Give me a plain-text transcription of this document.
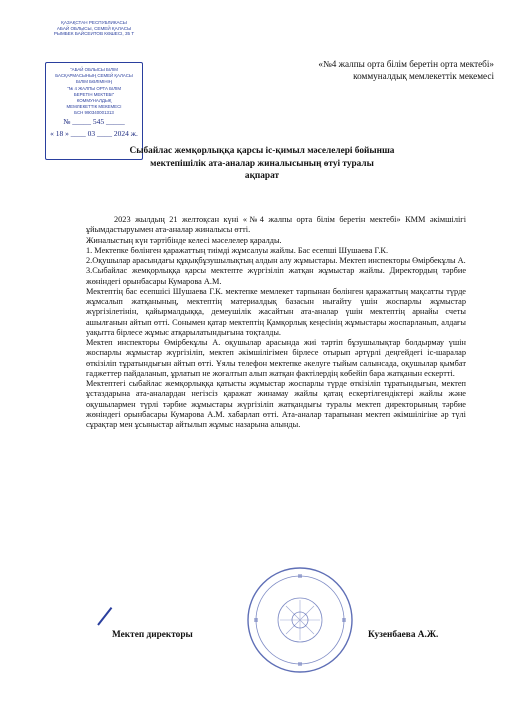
ҚАЗАҚСТАН РЕСПУБЛИКАСЫ
АБАЙ ОБЛЫСЫ, СЕМЕЙ ҚАЛАСЫ
РЫМБЕК БАЙСЕИТОВ КӨШЕСІ, 35 Т
"АБАЙ ОБЛЫСЫ БІЛІМ
БАСҚАРМАСЫНЫҢ СЕМЕЙ ҚАЛАСЫ
БІЛІМ БӨЛІМІНІҢ
"№ 4 ЖАЛПЫ ОРТА БІЛІМ
БЕРЕТІН МЕКТЕБІ"
КОММУНАЛДЫҚ
МЕМЛЕКЕТТІК МЕКЕМЕСІ
БСН 990340001313
№ _____ 545 _____
« 18 » ____ 03 ____ 2024 ж.
«№4 жалпы орта білім беретін орта мектебі»
коммуналдық мемлекеттік мекемесі
Сыбайлас жемқорлыққа қарсы іс-қимыл мәселелері бойынша
мектепішілік ата-аналар жиналысының өтуі туралы
ақпарат

2023 жылдың 21 желтоқсан күні «№4 жалпы орта білім беретін мектебі» КММ әкімшілігі ұйымдастыруымен ата-аналар жиналысы өтті.

Жиналыстың күн тәртібінде келесі мәселелер қаралды.

1. Мектепке бөлінген қаражаттың тиімді жұмсалуы жайлы. Бас есепші Шушаева Г.К.

2.Оқушылар арасындағы құқықбұзушылықтың алдын алу жұмыстары. Мектеп инспекторы Өмірбекұлы А.

3.Сыбайлас жемқорлыққа қарсы мектепте жүргізіліп жатқан жұмыстар жайлы. Директордың тәрбие жөніндегі орынбасары Кумарова А.М.

Мектептің бас есепшісі Шушаева Г.К. мектепке мемлекет тарпынан бөлінген қаражаттың мақсатты түрде жұмсалып жатқанының, мектептің материалдық базасын нығайту үшін жоспарлы жұмыстар жүргізілетінін, қайырмалдыққа, демеушілік жасайтын ата-аналар үшін мектептің арнайы счеты ашылғанын айтып өтті. Сонымен қатар мектептің Қамқорлық кеңесінің жұмыстары жоспарланып, алдағы уақытта бірлесе жұмыс атқарылатындығына тоқталды.

Мектеп инспекторы Өмірбекұлы А. оқушылар арасында жиі тәртіп бұзушылықтар болдырмау үшін жоспарлы жұмыстар жүргізіліп, мектеп әкімшілігімен бірлесе отырып әртүрлі деңгейдегі іс-шаралар өткізіліп тұратындығын айтып өтті. Ұялы телефон мектепке әкелуге тыйым салынсада, оқушылар қымбат гаджеттер пайдаланып, ұрлатып не жоғалтып алып жатқан фактілердің көбейіп бара жатқанын ескертті.

Мектептегі сыбайлас жемқорлыққа қатысты жұмыстар жоспарлы түрде өткізіліп тұратындығын, мектеп ұстаздарына ата-аналардан негізсіз қаражат жинамау жайлы қатаң ескертілгендіктері жайлы және оқушылармен түрлі тәрбие жұмыстары жүргізіліп жатқандығы туралы мектеп директорының тәрбие жөніндегі орынбасары Кумарова А.М. хабарлап өтті. Ата-аналар тарапынан мектеп әкімшілігіне әр түлі сұрақтар мен ұсыныстар айтылып жұмыс назарына алынды.

Мектеп директоры	Кузенбаева А.Ж.
